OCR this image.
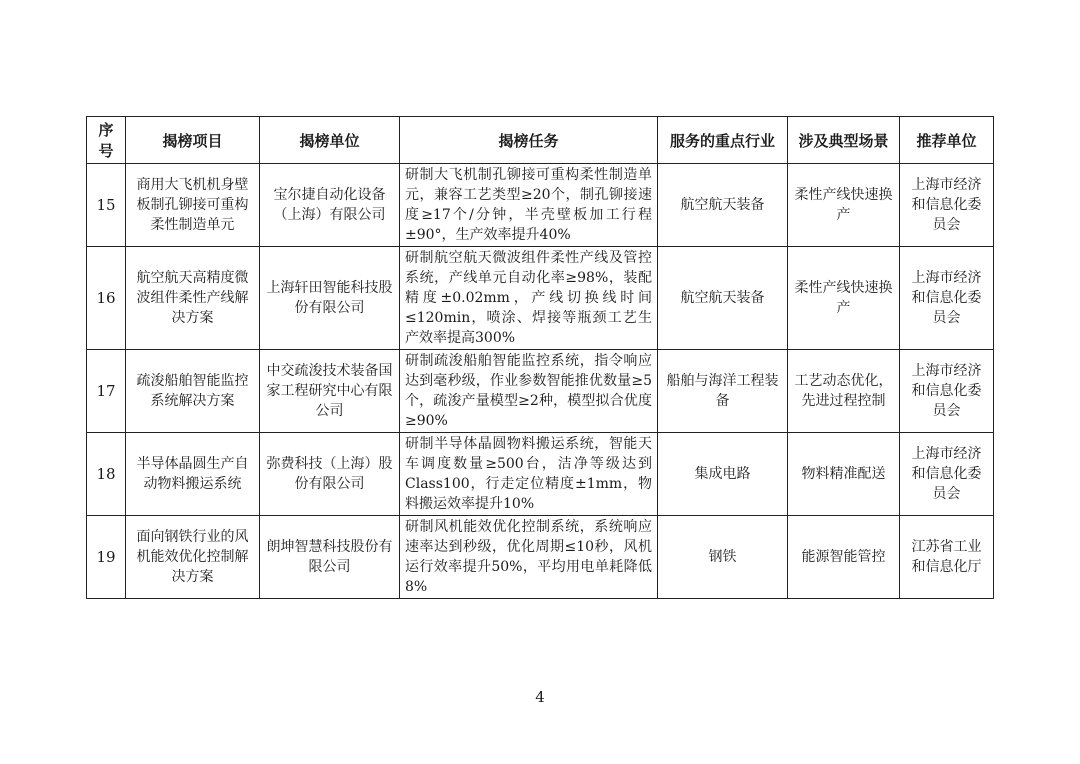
序号	揭榜项目	揭榜单位	揭榜任务	服务的重点行业	涉及典型场景	推荐单位
15	商用大飞机机身壁板制孔铆接可重构柔性制造单元	宝尔捷自动化设备（上海）有限公司	研制大飞机制孔铆接可重构柔性制造单元，兼容工艺类型≥20个，制孔铆接速度≥17个/分钟，半壳壁板加工行程±90°，生产效率提升40%	航空航天装备	柔性产线快速换产	上海市经济和信息化委员会
16	航空航天高精度微波组件柔性产线解决方案	上海轩田智能科技股份有限公司	研制航空航天微波组件柔性产线及管控系统，产线单元自动化率≥98%，装配精度±0.02mm，产线切换线时间≤120min，喷涂、焊接等瓶颈工艺生产效率提高300%	航空航天装备	柔性产线快速换产	上海市经济和信息化委员会
17	疏浚船舶智能监控系统解决方案	中交疏浚技术装备国家工程研究中心有限公司	研制疏浚船舶智能监控系统，指令响应达到毫秒级，作业参数智能推优数量≥5个，疏浚产量模型≥2种，模型拟合优度≥90%	船舶与海洋工程装备	工艺动态优化，先进过程控制	上海市经济和信息化委员会
18	半导体晶圆生产自动物料搬运系统	弥费科技（上海）股份有限公司	研制半导体晶圆物料搬运系统，智能天车调度数量≥500台，洁净等级达到Class100，行走定位精度±1mm，物料搬运效率提升10%	集成电路	物料精准配送	上海市经济和信息化委员会
19	面向钢铁行业的风机能效优化控制解决方案	朗坤智慧科技股份有限公司	研制风机能效优化控制系统，系统响应速率达到秒级，优化周期≤10秒，风机运行效率提升50%，平均用电单耗降低8%	钢铁	能源智能管控	江苏省工业和信息化厅
4
